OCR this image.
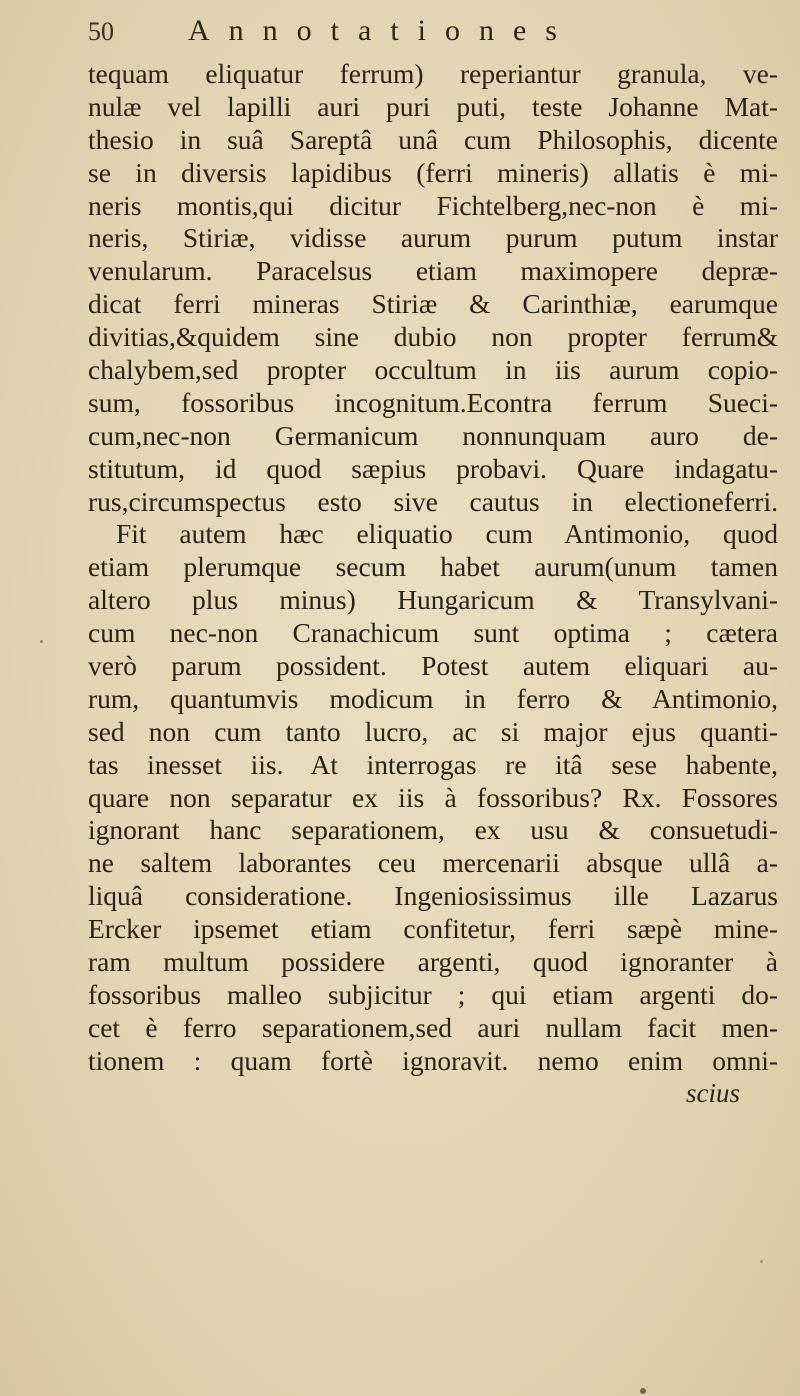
50	Annotationes
tequam eliquatur ferrum) reperiantur granula, ve-
nulæ vel lapilli auri puri puti, teste Johanne Mat-
thesio in suâ Sareptâ unâ cum Philosophis, dicente
se in diversis lapidibus (ferri mineris) allatis è mi-
neris montis,qui dicitur Fichtelberg,nec-non è mi-
neris, Stiriæ, vidisse aurum purum putum instar
venularum. Paracelsus etiam maximopere depræ-
dicat ferri mineras Stiriæ & Carinthiæ, earumque
divitias,&quidem sine dubio non propter ferrum&
chalybem,sed propter occultum in iis aurum copio-
sum, fossoribus incognitum.Econtra ferrum Sueci-
cum,nec-non Germanicum nonnunquam auro de-
stitutum, id quod sæpius probavi. Quare indagatu-
rus,circumspectus esto sive cautus in electioneferri.
Fit autem hæc eliquatio cum Antimonio, quod
etiam plerumque secum habet aurum(unum tamen
altero plus minus) Hungaricum & Transylvani-
cum nec-non Cranachicum sunt optima ; cætera
verò parum possident. Potest autem eliquari au-
rum, quantumvis modicum in ferro & Antimonio,
sed non cum tanto lucro, ac si major ejus quanti-
tas inesset iis. At interrogas re itâ sese habente,
quare non separatur ex iis à fossoribus? Rx. Fossores
ignorant hanc separationem, ex usu & consuetudi-
ne saltem laborantes ceu mercenarii absque ullâ a-
liquâ consideratione. Ingeniosissimus ille Lazarus
Ercker ipsemet etiam confitetur, ferri sæpè mine-
ram multum possidere argenti, quod ignoranter à
fossoribus malleo subjicitur ; qui etiam argenti do-
cet è ferro separationem,sed auri nullam facit men-
tionem : quam fortè ignoravit. nemo enim omni-
scius
